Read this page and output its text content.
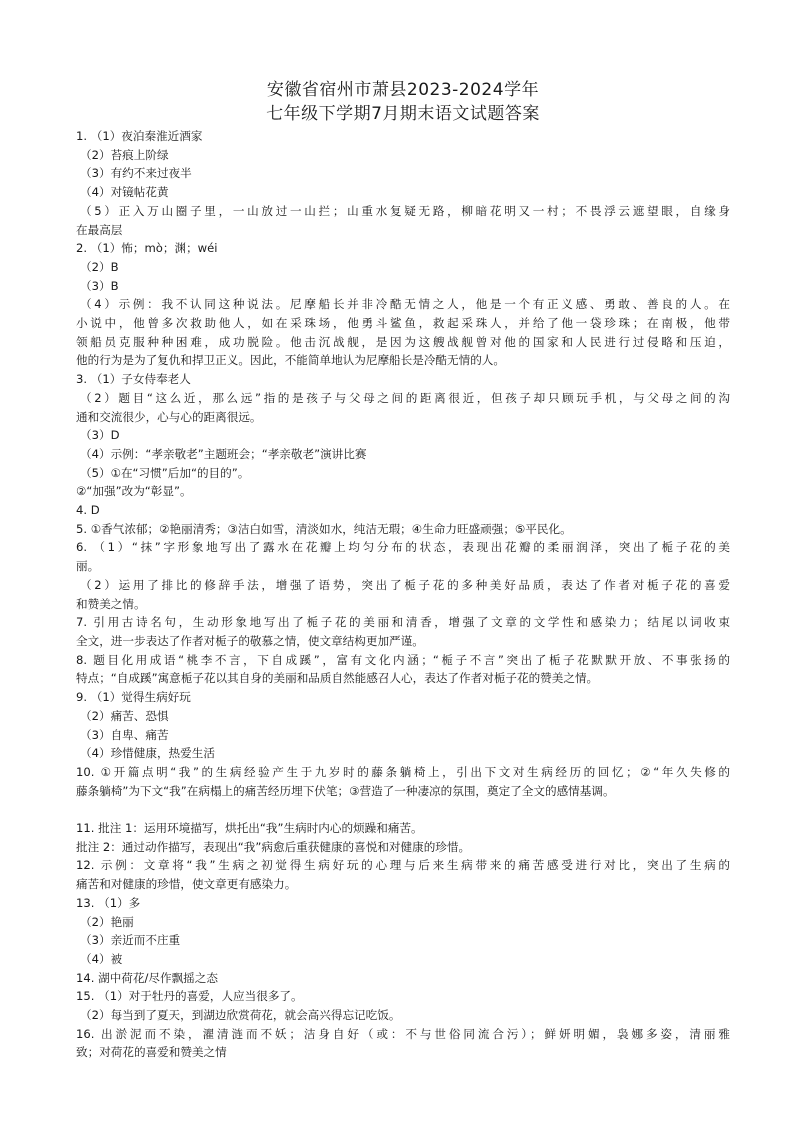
安徽省宿州市萧县2023-2024学年
七年级下学期7月期末语文试题答案
1. （1）夜泊秦淮近酒家
（2）苔痕上阶绿
（3）有约不来过夜半
（4）对镜帖花黄
（5）正入万山圈子里，一山放过一山拦；山重水复疑无路，柳暗花明又一村；不畏浮云遮望眼，自缘身
在最高层
2. （1）怖；mò；渊；wéi
（2）B
（3）B
（4）示例：我不认同这种说法。尼摩船长并非冷酷无情之人，他是一个有正义感、勇敢、善良的人。在
小说中，他曾多次救助他人，如在采珠场，他勇斗鲨鱼，救起采珠人，并给了他一袋珍珠；在南极，他带
领船员克服种种困难，成功脱险。他击沉战舰，是因为这艘战舰曾对他的国家和人民进行过侵略和压迫，
他的行为是为了复仇和捍卫正义。因此，不能简单地认为尼摩船长是冷酷无情的人。
3. （1）子女侍奉老人
（2）题目“这么近，那么远”指的是孩子与父母之间的距离很近，但孩子却只顾玩手机，与父母之间的沟
通和交流很少，心与心的距离很远。
（3）D
（4）示例：“孝亲敬老”主题班会；“孝亲敬老”演讲比赛
（5）①在“习惯”后加“的目的”。
②“加强”改为“彰显”。
4. D
5. ①香气浓郁；②艳丽清秀；③洁白如雪，清淡如水，纯洁无瑕；④生命力旺盛顽强；⑤平民化。
6. （1）“抹”字形象地写出了露水在花瓣上均匀分布的状态，表现出花瓣的柔丽润泽，突出了栀子花的美
丽。
（2）运用了排比的修辞手法，增强了语势，突出了栀子花的多种美好品质，表达了作者对栀子花的喜爱
和赞美之情。
7. 引用古诗名句，生动形象地写出了栀子花的美丽和清香，增强了文章的文学性和感染力；结尾以词收束
全文，进一步表达了作者对栀子的敬慕之情，使文章结构更加严谨。
8. 题目化用成语“桃李不言，下自成蹊”，富有文化内涵；“栀子不言”突出了栀子花默默开放、不事张扬的
特点；“自成蹊”寓意栀子花以其自身的美丽和品质自然能感召人心，表达了作者对栀子花的赞美之情。
9. （1）觉得生病好玩
（2）痛苦、恐惧
（3）自卑、痛苦
（4）珍惜健康，热爱生活
10. ①开篇点明“我”的生病经验产生于九岁时的藤条躺椅上，引出下文对生病经历的回忆；②“年久失修的
藤条躺椅”为下文“我”在病榻上的痛苦经历埋下伏笔；③营造了一种凄凉的氛围，奠定了全文的感情基调。
11. 批注 1：运用环境描写，烘托出“我”生病时内心的烦躁和痛苦。
批注 2：通过动作描写，表现出“我”病愈后重获健康的喜悦和对健康的珍惜。
12. 示例：文章将“我”生病之初觉得生病好玩的心理与后来生病带来的痛苦感受进行对比，突出了生病的
痛苦和对健康的珍惜，使文章更有感染力。
13. （1）多
（2）艳丽
（3）亲近而不庄重
（4）被
14. 湖中荷花/尽作飘摇之态
15. （1）对于牡丹的喜爱，人应当很多了。
（2）每当到了夏天，到湖边欣赏荷花，就会高兴得忘记吃饭。
16. 出淤泥而不染，濯清涟而不妖；洁身自好（或：不与世俗同流合污）；鲜妍明媚，袅娜多姿，清丽雅
致；对荷花的喜爱和赞美之情
